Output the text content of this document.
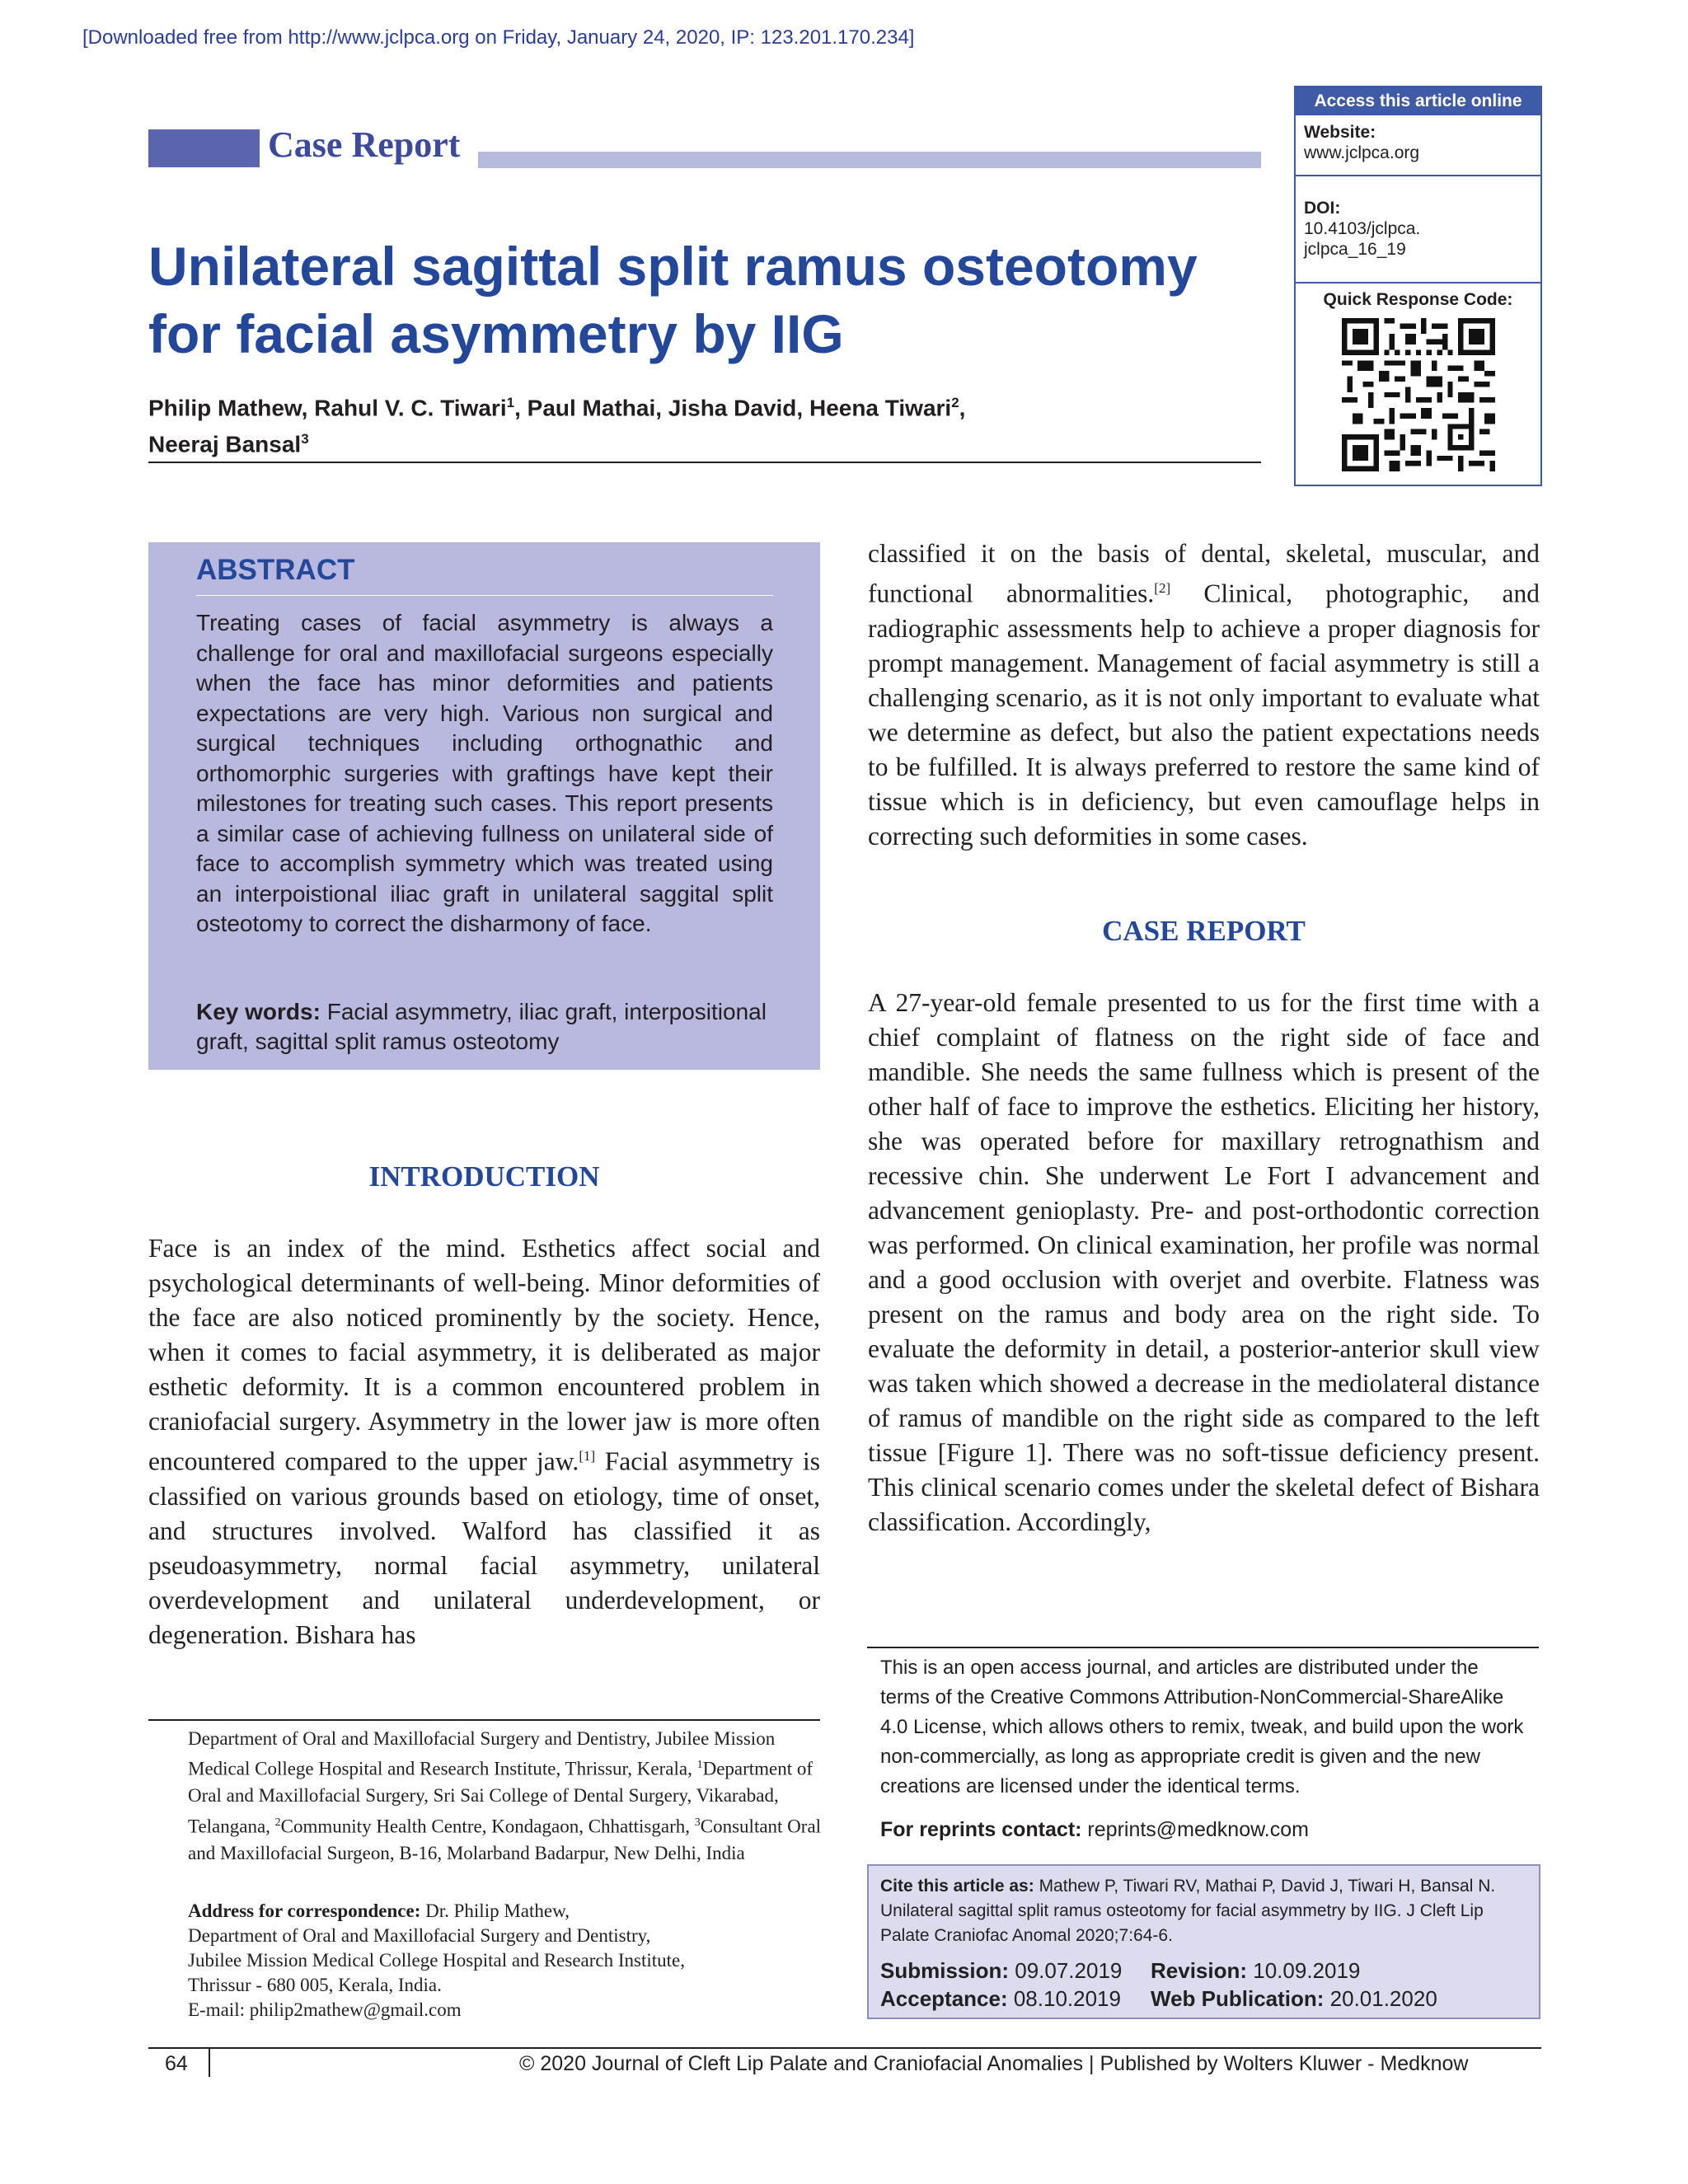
[Downloaded free from http://www.jclpca.org on Friday, January 24, 2020, IP: 123.201.170.234]
Case Report
Access this article online
Website:
www.jclpca.org
DOI:
10.4103/jclpca.
jclpca_16_19
Quick Response Code:
Unilateral sagittal split ramus osteotomy for facial asymmetry by IIG
Philip Mathew, Rahul V. C. Tiwari$^1$, Paul Mathai, Jisha David, Heena Tiwari$^2$,
Neeraj Bansal$^3$
ABSTRACT
Treating cases of facial asymmetry is always a challenge for oral and maxillofacial surgeons especially when the face has minor deformities and patients expectations are very high. Various non surgical and surgical techniques including orthognathic and orthomorphic surgeries with graftings have kept their milestones for treating such cases. This report presents a similar case of achieving fullness on unilateral side of face to accomplish symmetry which was treated using an interpoistional iliac graft in unilateral saggital split osteotomy to correct the disharmony of face.
Key words: Facial asymmetry, iliac graft, interpositional graft, sagittal split ramus osteotomy
INTRODUCTION
Face is an index of the mind. Esthetics affect social and psychological determinants of well-being. Minor deformities of the face are also noticed prominently by the society. Hence, when it comes to facial asymmetry, it is deliberated as major esthetic deformity. It is a common encountered problem in craniofacial surgery. Asymmetry in the lower jaw is more often encountered compared to the upper jaw.[1] Facial asymmetry is classified on various grounds based on etiology, time of onset, and structures involved. Walford has classified it as pseudoasymmetry, normal facial asymmetry, unilateral overdevelopment and unilateral underdevelopment, or degeneration. Bishara has
classified it on the basis of dental, skeletal, muscular, and functional abnormalities.[2] Clinical, photographic, and radiographic assessments help to achieve a proper diagnosis for prompt management. Management of facial asymmetry is still a challenging scenario, as it is not only important to evaluate what we determine as defect, but also the patient expectations needs to be fulfilled. It is always preferred to restore the same kind of tissue which is in deficiency, but even camouflage helps in correcting such deformities in some cases.
CASE REPORT
A 27-year-old female presented to us for the first time with a chief complaint of flatness on the right side of face and mandible. She needs the same fullness which is present of the other half of face to improve the esthetics. Eliciting her history, she was operated before for maxillary retrognathism and recessive chin. She underwent Le Fort I advancement and advancement genioplasty. Pre- and post-orthodontic correction was performed. On clinical examination, her profile was normal and a good occlusion with overjet and overbite. Flatness was present on the ramus and body area on the right side. To evaluate the deformity in detail, a posterior-anterior skull view was taken which showed a decrease in the mediolateral distance of ramus of mandible on the right side as compared to the left tissue [Figure 1]. There was no soft-tissue deficiency present. This clinical scenario comes under the skeletal defect of Bishara classification. Accordingly,
Department of Oral and Maxillofacial Surgery and Dentistry, Jubilee Mission Medical College Hospital and Research Institute, Thrissur, Kerala, $^1$Department of Oral and Maxillofacial Surgery, Sri Sai College of Dental Surgery, Vikarabad, Telangana, $^2$Community Health Centre, Kondagaon, Chhattisgarh, $^3$Consultant Oral and Maxillofacial Surgeon, B-16, Molarband Badarpur, New Delhi, India
Address for correspondence: Dr. Philip Mathew,
Department of Oral and Maxillofacial Surgery and Dentistry,
Jubilee Mission Medical College Hospital and Research Institute,
Thrissur - 680 005, Kerala, India.
E-mail: philip2mathew@gmail.com
This is an open access journal, and articles are distributed under the terms of the Creative Commons Attribution-NonCommercial-ShareAlike 4.0 License, which allows others to remix, tweak, and build upon the work non-commercially, as long as appropriate credit is given and the new creations are licensed under the identical terms.
For reprints contact: reprints@medknow.com
Cite this article as: Mathew P, Tiwari RV, Mathai P, David J, Tiwari H, Bansal N. Unilateral sagittal split ramus osteotomy for facial asymmetry by IIG. J Cleft Lip Palate Craniofac Anomal 2020;7:64-6.
Submission: 09.07.2019 Revision: 10.09.2019
Acceptance: 08.10.2019 Web Publication: 20.01.2020
64	© 2020 Journal of Cleft Lip Palate and Craniofacial Anomalies | Published by Wolters Kluwer - Medknow
